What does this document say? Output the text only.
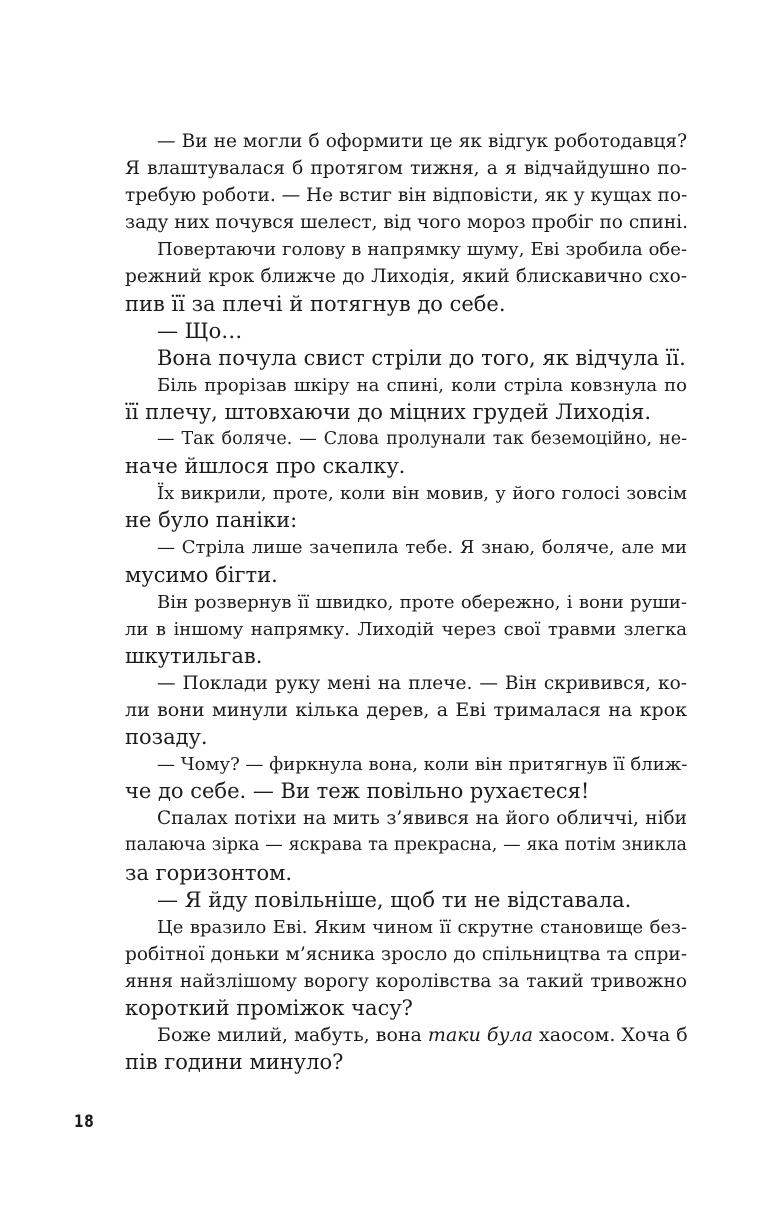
— Ви не могли б оформити це як відгук роботодавця?
Я влаштувалася б протягом тижня, а я відчайдушно по-
требую роботи. — Не встиг він відповісти, як у кущах по-
заду них почувся шелест, від чого мороз пробіг по спині.
Повертаючи голову в напрямку шуму, Еві зробила обе-
режний крок ближче до Лиходія, який блискавично схо-
пив її за плечі й потягнув до себе.
— Що…
Вона почула свист стріли до того, як відчула її.
Біль прорізав шкіру на спині, коли стріла ковзнула по
її плечу, штовхаючи до міцних грудей Лиходія.
— Так боляче. — Слова пролунали так беземоційно, не-
наче йшлося про скалку.
Їх викрили, проте, коли він мовив, у його голосі зовсім
не було паніки:
— Стріла лише зачепила тебе. Я знаю, боляче, але ми
мусимо бігти.
Він розвернув її швидко, проте обережно, і вони руши-
ли в іншому напрямку. Лиходій через свої травми злегка
шкутильгав.
— Поклади руку мені на плече. — Він скривився, ко-
ли вони минули кілька дерев, а Еві трималася на крок
позаду.
— Чому? — фиркнула вона, коли він притягнув її ближ-
че до себе. — Ви теж повільно рухаєтеся!
Спалах потіхи на мить з’явився на його обличчі, ніби
палаюча зірка — яскрава та прекрасна, — яка потім зникла
за горизонтом.
— Я йду повільніше, щоб ти не відставала.
Це вразило Еві. Яким чином її скрутне становище без-
робітної доньки м’ясника зросло до спільництва та спри-
яння найзлішому ворогу королівства за такий тривожно
короткий проміжок часу?
Боже милий, мабуть, вона таки була хаосом. Хоча б
пів години минуло?
18
